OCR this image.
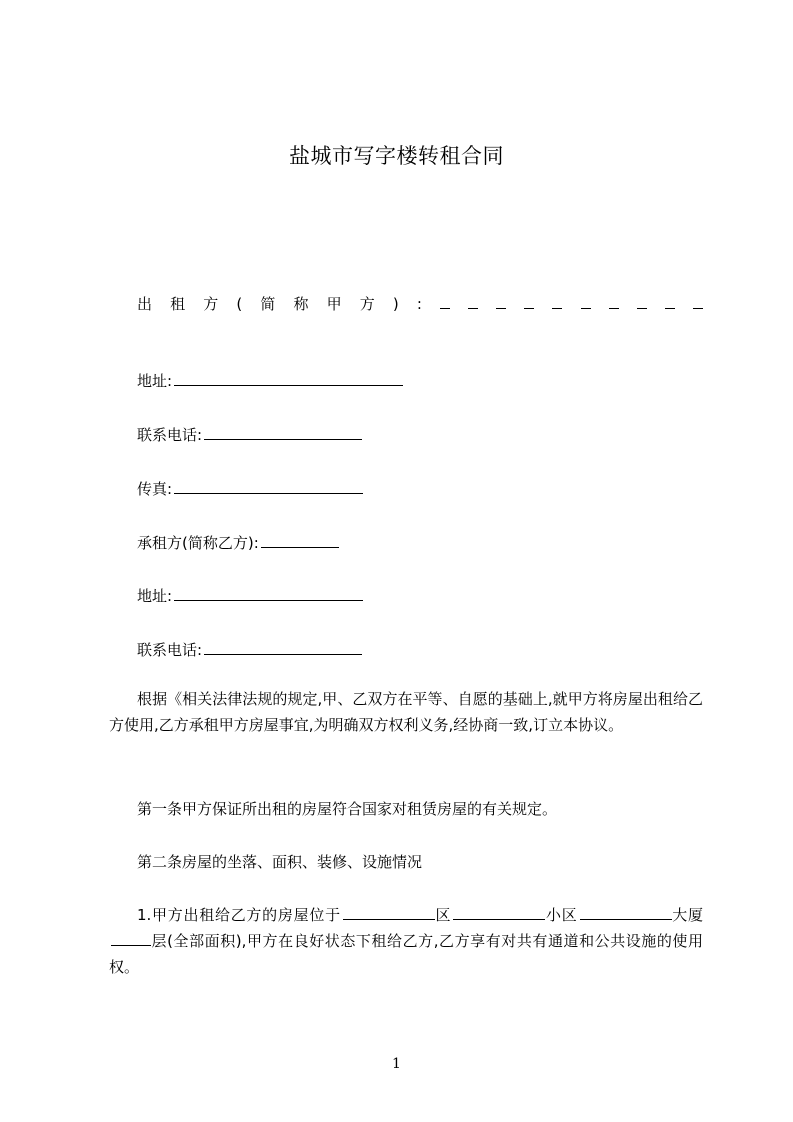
盐城市写字楼转租合同
出 租 方 ( 简 称 甲 方 ) :
地址:
联系电话:
传真:
承租方(简称乙方):
地址:
联系电话:
根据《相关法律法规的规定,甲、乙双方在平等、自愿的基础上,就甲方将房屋出租给乙方使用,乙方承租甲方房屋事宜,为明确双方权利义务,经协商一致,订立本协议。
第一条甲方保证所出租的房屋符合国家对租赁房屋的有关规定。
第二条房屋的坐落、面积、装修、设施情况
1.甲方出租给乙方的房屋位于	区	小区	大厦层(全部面积),甲方在良好状态下租给乙方,乙方享有对共有通道和公共设施的使用权。
1
